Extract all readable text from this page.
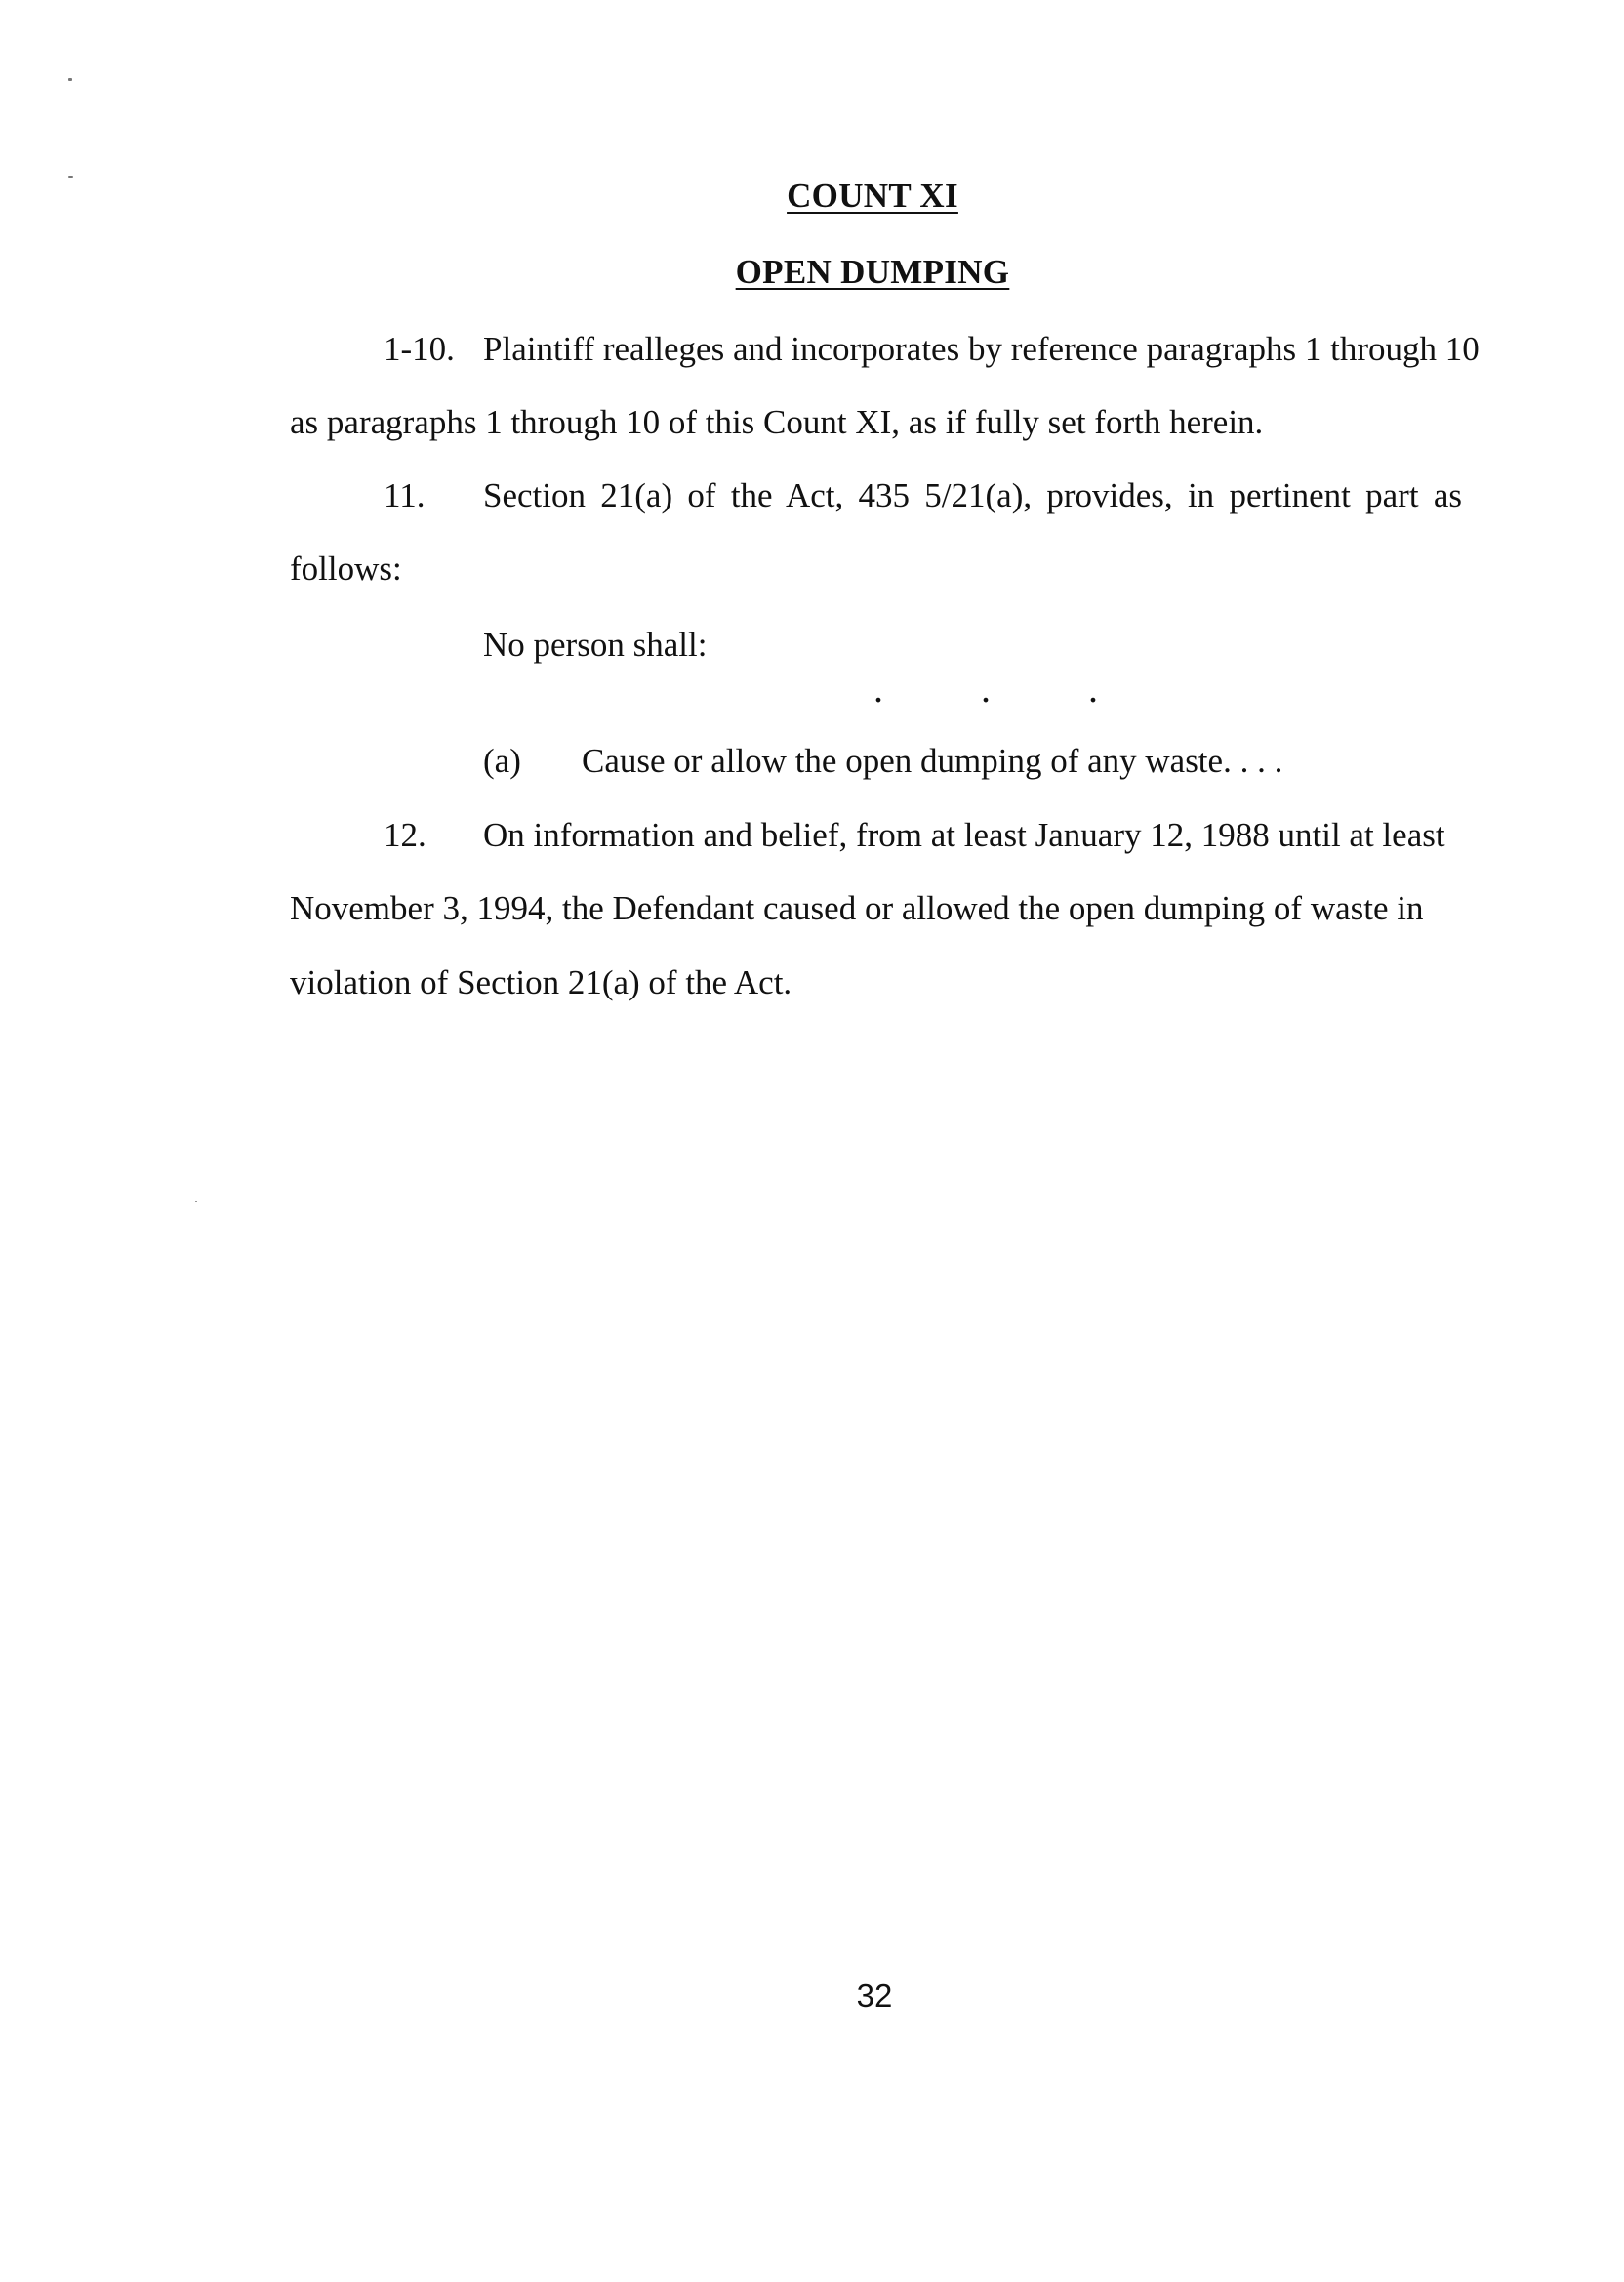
COUNT XI
OPEN DUMPING
1-10. Plaintiff realleges and incorporates by reference paragraphs 1 through 10
as paragraphs 1 through 10 of this Count XI, as if fully set forth herein.
11. Section 21(a) of the Act, 435 5/21(a), provides, in pertinent part as
follows:
No person shall:
.          .          .
(a) Cause or allow the open dumping of any waste. . . .
12. On information and belief, from at least January 12, 1988 until at least
November 3, 1994, the Defendant caused or allowed the open dumping of waste in
violation of Section 21(a) of the Act.
32
